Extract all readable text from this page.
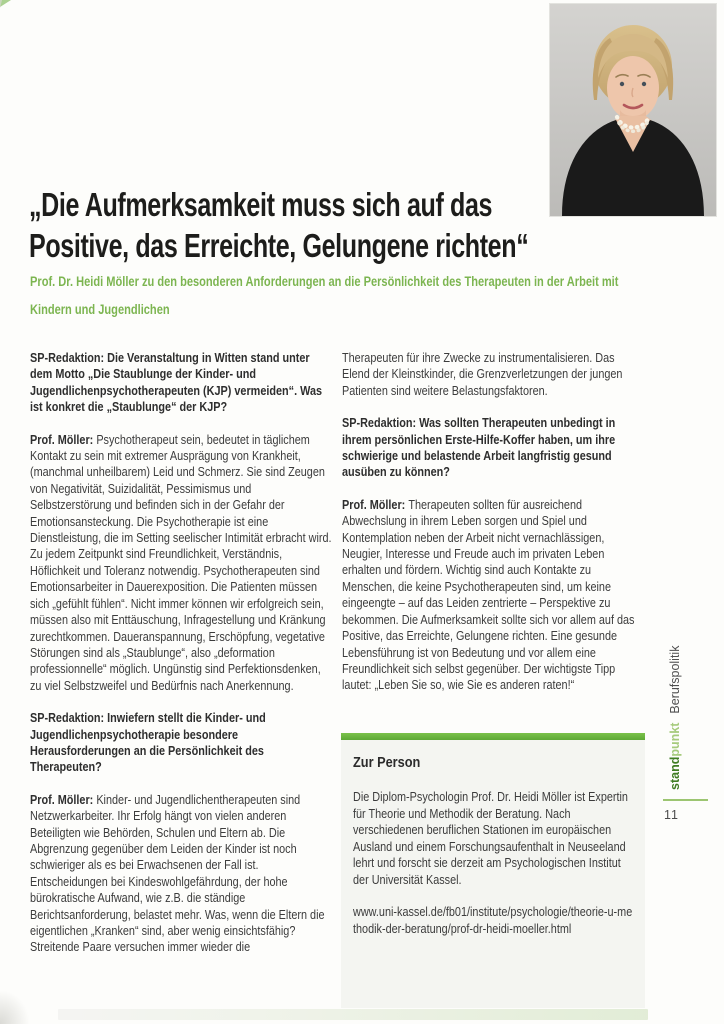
„Die Aufmerksamkeit muss sich auf das
Positive, das Erreichte, Gelungene richten“

Prof. Dr. Heidi Möller zu den besonderen Anforderungen an die Persönlichkeit des Therapeuten in der Arbeit mit Kindern und Jugendlichen

SP-Redaktion: Die Veranstaltung in Witten stand unter dem Motto „Die Staublunge der Kinder- und Jugendlichenpsychotherapeuten (KJP) vermeiden“. Was ist konkret die „Staublunge“ der KJP?

Prof. Möller: Psychotherapeut sein, bedeutet in täglichem Kontakt zu sein mit extremer Ausprägung von Krankheit, (manchmal unheilbarem) Leid und Schmerz. Sie sind Zeugen von Negativität, Suizidalität, Pessimismus und Selbstzerstörung und befinden sich in der Gefahr der Emotionsansteckung. Die Psychotherapie ist eine Dienstleistung, die im Setting seelischer Intimität erbracht wird. Zu jedem Zeitpunkt sind Freundlichkeit, Verständnis, Höflichkeit und Toleranz notwendig. Psychotherapeuten sind Emotionsarbeiter in Dauerexposition. Die Patienten müssen sich „gefühlt fühlen“. Nicht immer können wir erfolgreich sein, müssen also mit Enttäuschung, Infragestellung und Kränkung zurechtkommen. Daueranspannung, Erschöpfung, vegetative Störungen sind als „Staublunge“, also „deformation professionnelle“ möglich. Ungünstig sind Perfektionsdenken, zu viel Selbstzweifel und Bedürfnis nach Anerkennung.

SP-Redaktion: Inwiefern stellt die Kinder- und Jugendlichenpsychotherapie besondere Herausforderungen an die Persönlichkeit des Therapeuten?

Prof. Möller: Kinder- und Jugendlichentherapeuten sind Netzwerkarbeiter. Ihr Erfolg hängt von vielen anderen Beteiligten wie Behörden, Schulen und Eltern ab. Die Abgrenzung gegenüber dem Leiden der Kinder ist noch schwieriger als es bei Erwachsenen der Fall ist. Entscheidungen bei Kindeswohlgefährdung, der hohe bürokratische Aufwand, wie z.B. die ständige Berichtsanforderung, belastet mehr. Was, wenn die Eltern die eigentlichen „Kranken“ sind, aber wenig einsichtsfähig? Streitende Paare versuchen immer wieder die

Therapeuten für ihre Zwecke zu instrumentalisieren. Das Elend der Kleinstkinder, die Grenzverletzungen der jungen Patienten sind weitere Belastungsfaktoren.

SP-Redaktion: Was sollten Therapeuten unbedingt in ihrem persönlichen Erste-Hilfe-Koffer haben, um ihre schwierige und belastende Arbeit langfristig gesund ausüben zu können?

Prof. Möller: Therapeuten sollten für ausreichend Abwechslung in ihrem Leben sorgen und Spiel und Kontemplation neben der Arbeit nicht vernachlässigen, Neugier, Interesse und Freude auch im privaten Leben erhalten und fördern. Wichtig sind auch Kontakte zu Menschen, die keine Psychotherapeuten sind, um keine eingeengte – auf das Leiden zentrierte – Perspektive zu bekommen. Die Aufmerksamkeit sollte sich vor allem auf das Positive, das Erreichte, Gelungene richten. Eine gesunde Lebensführung ist von Bedeutung und vor allem eine Freundlichkeit sich selbst gegenüber. Der wichtigste Tipp lautet: „Leben Sie so, wie Sie es anderen raten!“

Zur Person

Die Diplom-Psychologin Prof. Dr. Heidi Möller ist Expertin für Theorie und Methodik der Beratung. Nach verschiedenen beruflichen Stationen im europäischen Ausland und einem Forschungsaufenthalt in Neuseeland lehrt und forscht sie derzeit am Psychologischen Institut der Universität Kassel.

www.uni-kassel.de/fb01/institute/psychologie/theorie-u-methodik-der-beratung/prof-dr-heidi-moeller.html

standpunktBerufspolitik
11
